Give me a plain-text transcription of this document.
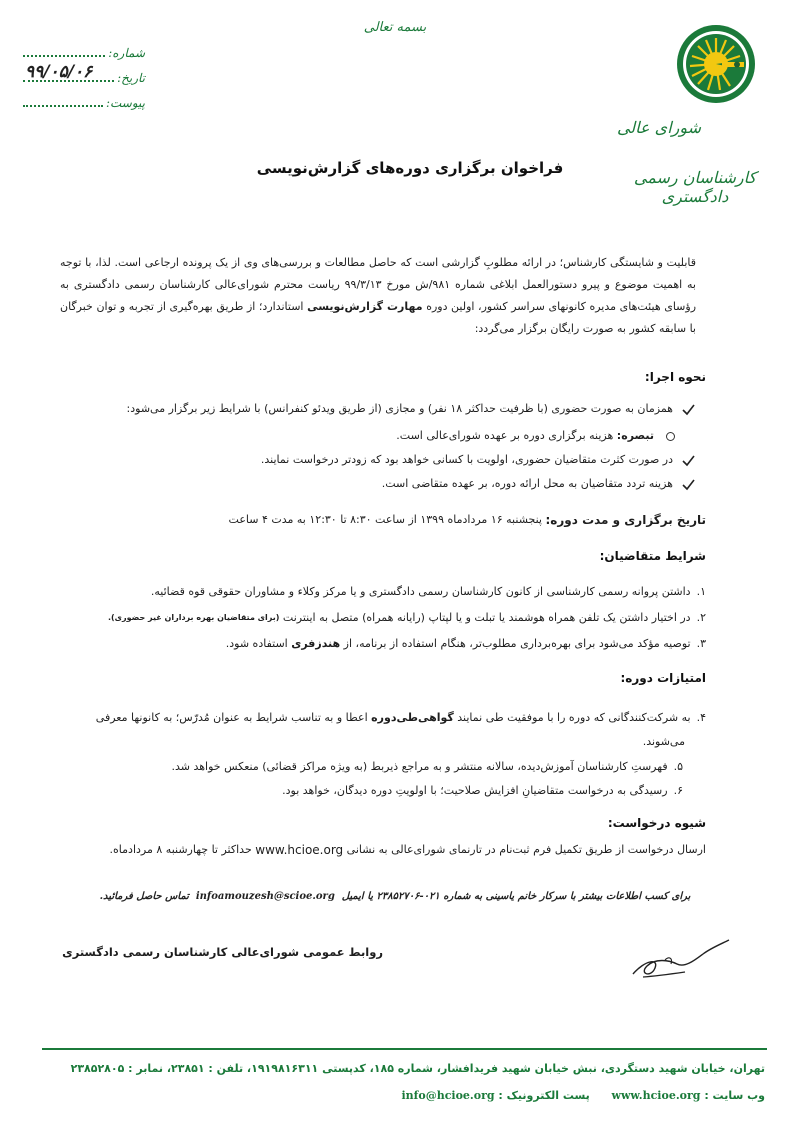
بسمه تعالی
شورای عالی
کارشناسان رسمی دادگستری
شماره:
تاریخ:
۹۹/۰۵/۰۶
پیوست:
فراخوان برگزاری دوره‌های گزارش‌نویسی

قابلیت و شایستگی کارشناس؛ در ارائه مطلوبِ گزارشی است که حاصل مطالعات و بررسی‌های وی از یک پرونده ارجاعی است. لذا، با توجه به اهمیت موضوع و پیرو دستورالعمل ابلاغی شماره ۹۸۱/ش مورخ ۹۹/۳/۱۳ ریاست محترم شورای‌عالی کارشناسان رسمی دادگستری به رؤسای هیئت‌های مدیره کانونهای سراسر کشور، اولین دوره مهارت گزارش‌نویسی استاندارد؛ از طریق بهره‌گیری از تجربه و توان خبرگان با سابقه کشور به صورت رایگان برگزار می‌گردد:

نحوه اجرا:
همزمان به صورت حضوری (با ظرفیت حداکثر ۱۸ نفر) و مجازی (از طریق ویدئو کنفرانس) با شرایط زیر برگزار می‌شود:
تبصره:

هزینه برگزاری دوره بر عهده شورای‌عالی است.
در صورت کثرت متقاضیان حضوری، اولویت با کسانی خواهد بود که زودتر درخواست نمایند.
هزینه تردد متقاضیان به محل ارائه دوره، بر عهده متقاضی است.
تاریخ برگزاری و مدت دوره:

پنجشنبه ۱۶ مردادماه ۱۳۹۹ از ساعت ۸:۳۰ تا ۱۲:۳۰ به مدت ۴ ساعت
شرایط متقاضیان:
۱.
داشتن پروانه رسمی کارشناسی از کانون کارشناسان رسمی دادگستری و یا مرکز وکلاء و مشاوران حقوقی قوه قضائیه.
۲.
در اختیار داشتن یک تلفن همراه هوشمند یا تبلت و یا لپتاپ (رایانه همراه) متصل به اینترنت

(برای متقاضیان بهره برداران غیر حضوری).
۳.
توصیه مؤکد می‌شود برای بهره‌برداری مطلوب‌تر، هنگام استفاده از برنامه، از

هندزفری

استفاده شود.
امتیازات دوره:
۴.
به شرکت‌کنندگانی که دوره را با موفقیت طی نمایند

گواهی‌طی‌دوره

اعطا و به تناسب شرایط به عنوان مُدرّس؛ به کانونها معرفی
می‌شوند.
۵.
فهرستِ کارشناسان آموزش‌دیده، سالانه منتشر و به مراجع ذیربط (به ویژه مراکز قضائی) منعکس خواهد شد.
۶.
رسیدگی به درخواست متقاضیانِ افزایش صلاحیت؛ با اولویتِ دوره دیدگان، خواهد بود.
شیوه درخواست:
ارسال درخواست از طریق تکمیل فرم ثبت‌نام در تارنمای شورای‌عالی به نشانی

www.hcioe.org

حداکثر تا چهارشنبه ۸ مردادماه.
برای کسب اطلاعات بیشتر با سرکار خانم یاسینی به شماره ۰۲۱-۲۳۸۵۲۷۰۶ یا ایمیل  infoamouzesh@scioe.org  تماس حاصل فرمائید.
روابط عمومی شورای‌عالی کارشناسان رسمی دادگستری
تهران، خیابان شهید دستگردی، نبش خیابان شهید فریدافشار، شماره ۱۸۵، کدپستی ۱۹۱۹۸۱۶۳۱۱، تلفن : ۲۳۸۵۱، نمابر : ۲۳۸۵۲۸۰۵
وب سایت : www.hcioe.org  پست الکترونیک : info@hcioe.org
